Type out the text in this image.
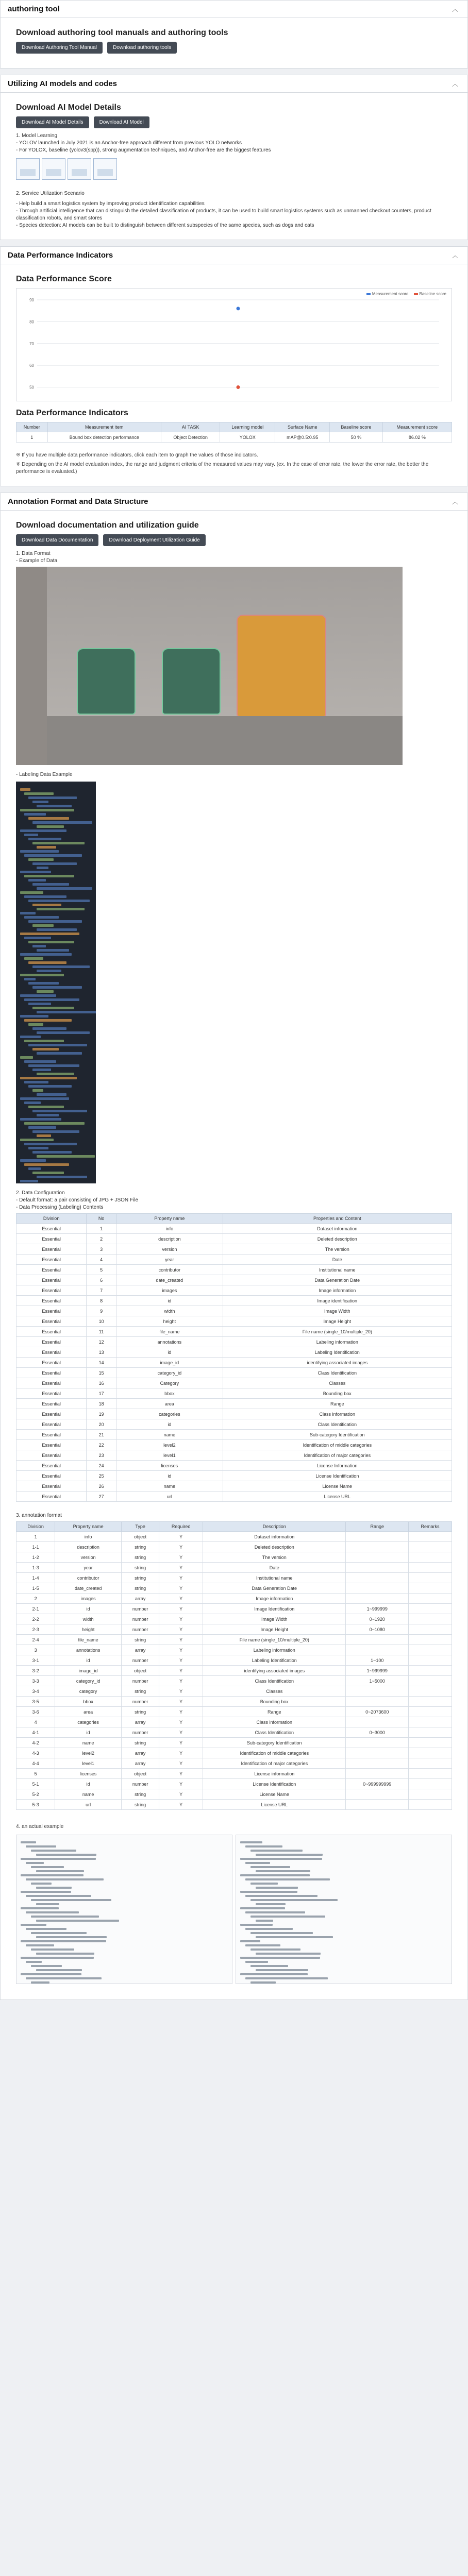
authoring tool	︿
Download authoring tool manuals and authoring tools
Download Authoring Tool Manual	Download authoring tools
Utilizing AI models and codes	︿
Download AI Model Details
Download AI Model Details	Download AI Model
1. Model Learning
- YOLOV launched in July 2021 is an Anchor-free approach different from previous YOLO networks
- For YOLOX, baseline (yolov3(spp)), strong augmentation techniques, and Anchor-free are the biggest features
2. Service Utilization Scenario
- Help build a smart logistics system by improving product identification capabilities
- Through artificial intelligence that can distinguish the detailed classification of products, it can be used to build smart logistics systems such as unmanned checkout counters, product classification robots, and smart stores
- Species detection: AI models can be built to distinguish between different subspecies of the same species, such as dogs and cats
Data Performance Indicators	︿
Data Performance Score
Measurement score	Baseline score
50
60
70
80
90
Data Performance Indicators
Number	Measurement item	AI TASK	Learning model	Surface Name	Baseline score	Measurement score
1	Bound box detection performance	Object Detection	YOLOX	mAP@0.5:0.95	50 %	86.02 %
※ If you have multiple data performance indicators, click each item to graph the values of those indicators.
※ Depending on the AI model evaluation index, the range and judgment criteria of the measured values may vary. (ex. In the case of error rate, the lower the error rate, the better the performance is evaluated.)
Annotation Format and Data Structure	︿
Download documentation and utilization guide
Download Data Documentation	Download Deployment Utilization Guide
1. Data Format
- Example of Data
- Labeling Data Example
2. Data Configuration
- Default format: a pair consisting of JPG + JSON File
- Data Processing (Labeling) Contents
Division	No	Property name	Properties and Content
Essential	1	info	Dataset information
Essential	2	description	Deleted description
Essential	3	version	The version
Essential	4	year	Date
Essential	5	contributor	Institutional name
Essential	6	date_created	Data Generation Date
Essential	7	images	Image information
Essential	8	id	Image identification
Essential	9	width	Image Width
Essential	10	height	Image Height
Essential	11	file_name	File name (single_10/multiple_20)
Essential	12	annotations	Labeling information
Essential	13	id	Labeling Identification
Essential	14	image_id	identifying associated images
Essential	15	category_id	Class Identification
Essential	16	Category	Classes
Essential	17	bbox	Bounding box
Essential	18	area	Range
Essential	19	categories	Class information
Essential	20	id	Class Identification
Essential	21	name	Sub-category Identification
Essential	22	level2	Identification of middle categories
Essential	23	level1	Identification of major categories
Essential	24	licenses	License Information
Essential	25	id	License Identification
Essential	26	name	License Name
Essential	27	url	License URL
3. annotation format
Division	Property name	Type	Required	Description	Range	Remarks
1	info	object	Y	Dataset information		
1-1	description	string	Y	Deleted description		
1-2	version	string	Y	The version		
1-3	year	string	Y	Date		
1-4	contributor	string	Y	Institutional name		
1-5	date_created	string	Y	Data Generation Date		
2	images	array	Y	Image information		
2-1	id	number	Y	Image Identification	1~999999	
2-2	width	number	Y	Image Width	0~1920	
2-3	height	number	Y	Image Height	0~1080	
2-4	file_name	string	Y	File name (single_10/multiple_20)		
3	annotations	array	Y	Labeling information		
3-1	id	number	Y	Labeling Identification	1~100	
3-2	image_id	object	Y	identifying associated images	1~999999	
3-3	category_id	number	Y	Class Identification	1~5000	
3-4	category	string	Y	Classes		
3-5	bbox	number	Y	Bounding box		
3-6	area	string	Y	Range	0~2073600	
4	categories	array	Y	Class information		
4-1	id	number	Y	Class Identification	0~3000	
4-2	name	string	Y	Sub-category Identification		
4-3	level2	array	Y	Identification of middle categories		
4-4	level1	array	Y	Identification of major categories		
5	licenses	object	Y	License information		
5-1	id	number	Y	License Identification	0~999999999	
5-2	name	string	Y	License Name		
5-3	url	string	Y	License URL		
4. an actual example
